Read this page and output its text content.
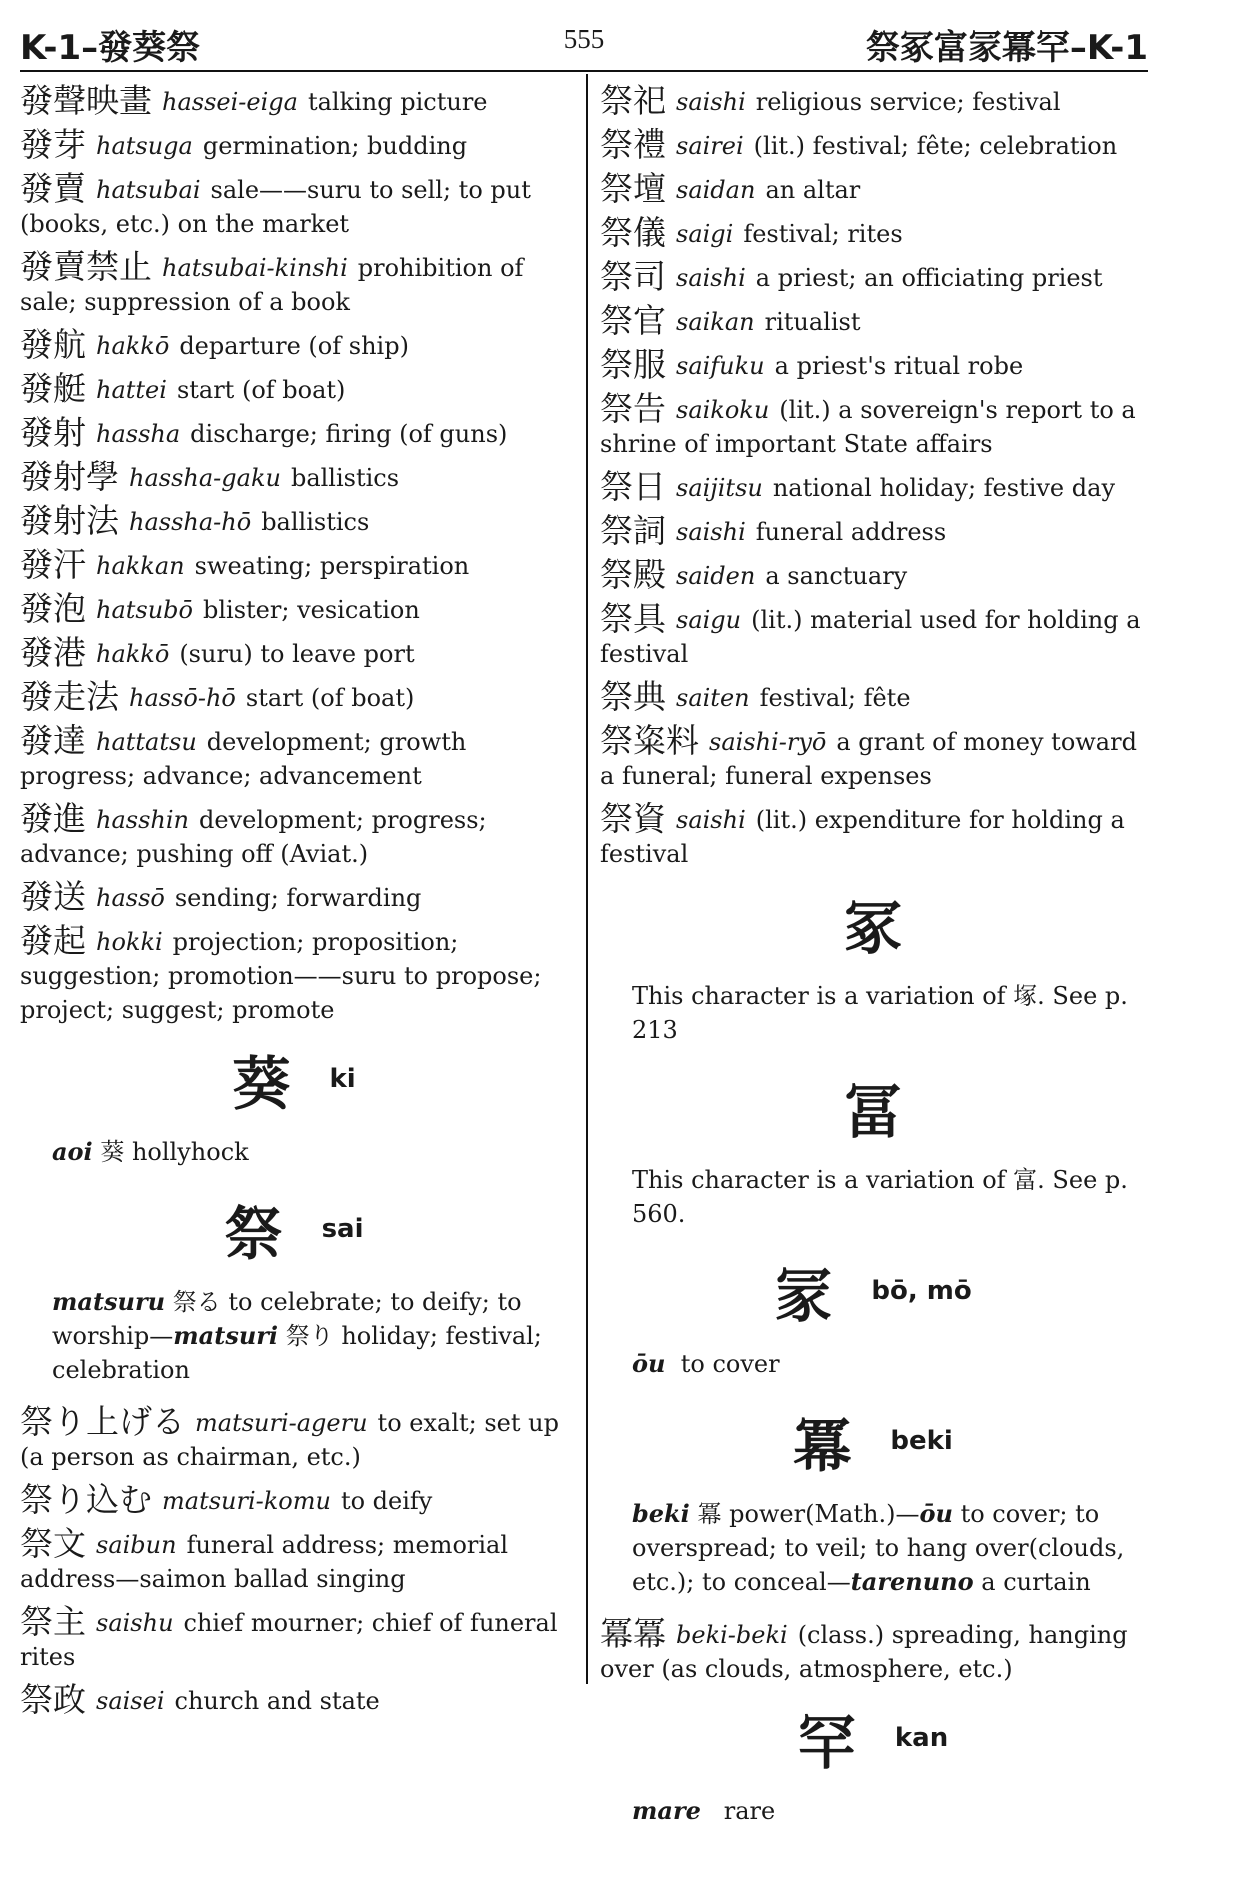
K-1–發葵祭	555	祭冢富冡冪罕–K-1
發聲映畫 hassei-eiga talking picture
發芽 hatsuga germination; budding
發賣 hatsubai sale——suru to sell; to put (books, etc.) on the market
發賣禁止 hatsubai-kinshi prohibition of sale; suppression of a book
發航 hakkō departure (of ship)
發艇 hattei start (of boat)
發射 hassha discharge; firing (of guns)
發射學 hassha-gaku ballistics
發射法 hassha-hō ballistics
發汗 hakkan sweating; perspiration
發泡 hatsubō blister; vesication
發港 hakkō (suru) to leave port
發走法 hassō-hō start (of boat)
發達 hattatsu development; growth progress; advance; advancement
發進 hasshin development; progress; advance; pushing off (Aviat.)
發送 hassō sending; forwarding
發起 hokki projection; proposition; suggestion; promotion——suru to propose; project; suggest; promote
葵 ki
aoi 葵 hollyhock
祭 sai
matsuru 祭る to celebrate; to deify; to worship—matsuri 祭り holiday; festival; celebration
祭り上げる matsuri-ageru to exalt; set up (a person as chairman, etc.)
祭り込む matsuri-komu to deify
祭文 saibun funeral address; memorial address—saimon ballad singing
祭主 saishu chief mourner; chief of funeral rites
祭政 saisei church and state
祭祀 saishi religious service; festival
祭禮 sairei (lit.) festival; fête; celebration
祭壇 saidan an altar
祭儀 saigi festival; rites
祭司 saishi a priest; an officiating priest
祭官 saikan ritualist
祭服 saifuku a priest's ritual robe
祭告 saikoku (lit.) a sovereign's report to a shrine of important State affairs
祭日 saijitsu national holiday; festive day
祭詞 saishi funeral address
祭殿 saiden a sanctuary
祭具 saigu (lit.) material used for holding a festival
祭典 saiten festival; fête
祭粢料 saishi-ryō a grant of money toward a funeral; funeral expenses
祭資 saishi (lit.) expenditure for holding a festival
冢
This character is a variation of 塚. See p. 213
冨
This character is a variation of 富. See p. 560.
冡 bō, mō
ōu to cover
冪 beki
beki 冪 power(Math.)—ōu to cover; to overspread; to veil; to hang over(clouds, etc.); to conceal—tarenuno a curtain
冪冪 beki-beki (class.) spreading, hanging over (as clouds, atmosphere, etc.)
罕 kan
mare rare
